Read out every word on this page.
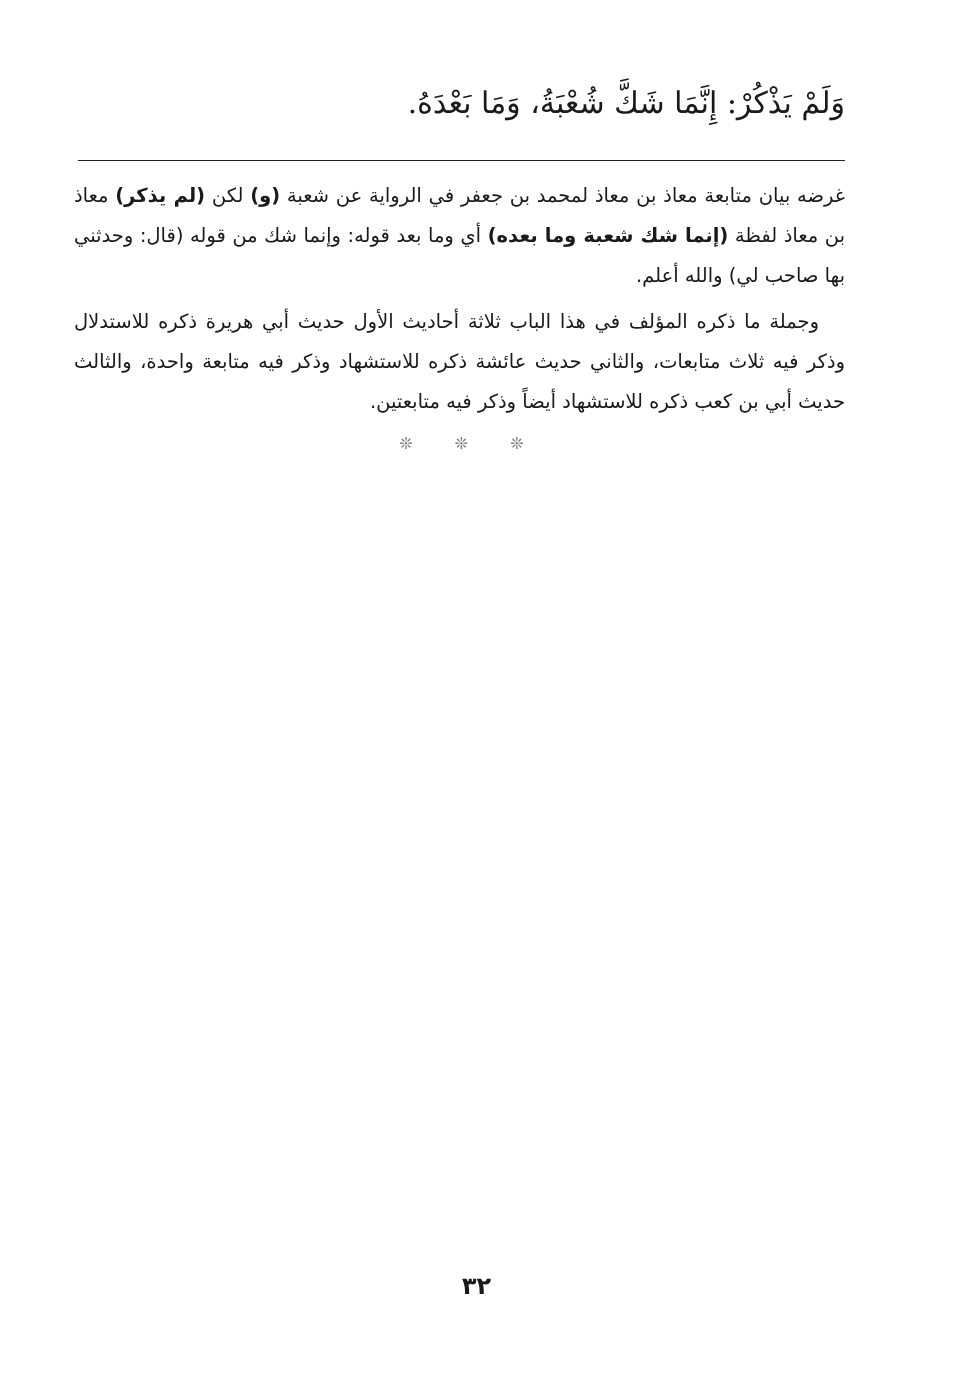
وَلَمْ يَذْكُرْ: إِنَّمَا شَكَّ شُعْبَةُ، وَمَا بَعْدَهُ.

غرضه بيان متابعة معاذ بن معاذ لمحمد بن جعفر في الرواية عن شعبة (و) لكن (لم يذكر) معاذ بن معاذ لفظة (إنما شك شعبة وما بعده) أي وما بعد قوله: وإنما شك من قوله (قال: وحدثني بها صاحب لي) والله أعلم.

وجملة ما ذكره المؤلف في هذا الباب ثلاثة أحاديث الأول حديث أبي هريرة ذكره للاستدلال وذكر فيه ثلاث متابعات، والثاني حديث عائشة ذكره للاستشهاد وذكر فيه متابعة واحدة، والثالث حديث أبي بن كعب ذكره للاستشهاد أيضاً وذكر فيه متابعتين.

❊❊❊
٣٢
